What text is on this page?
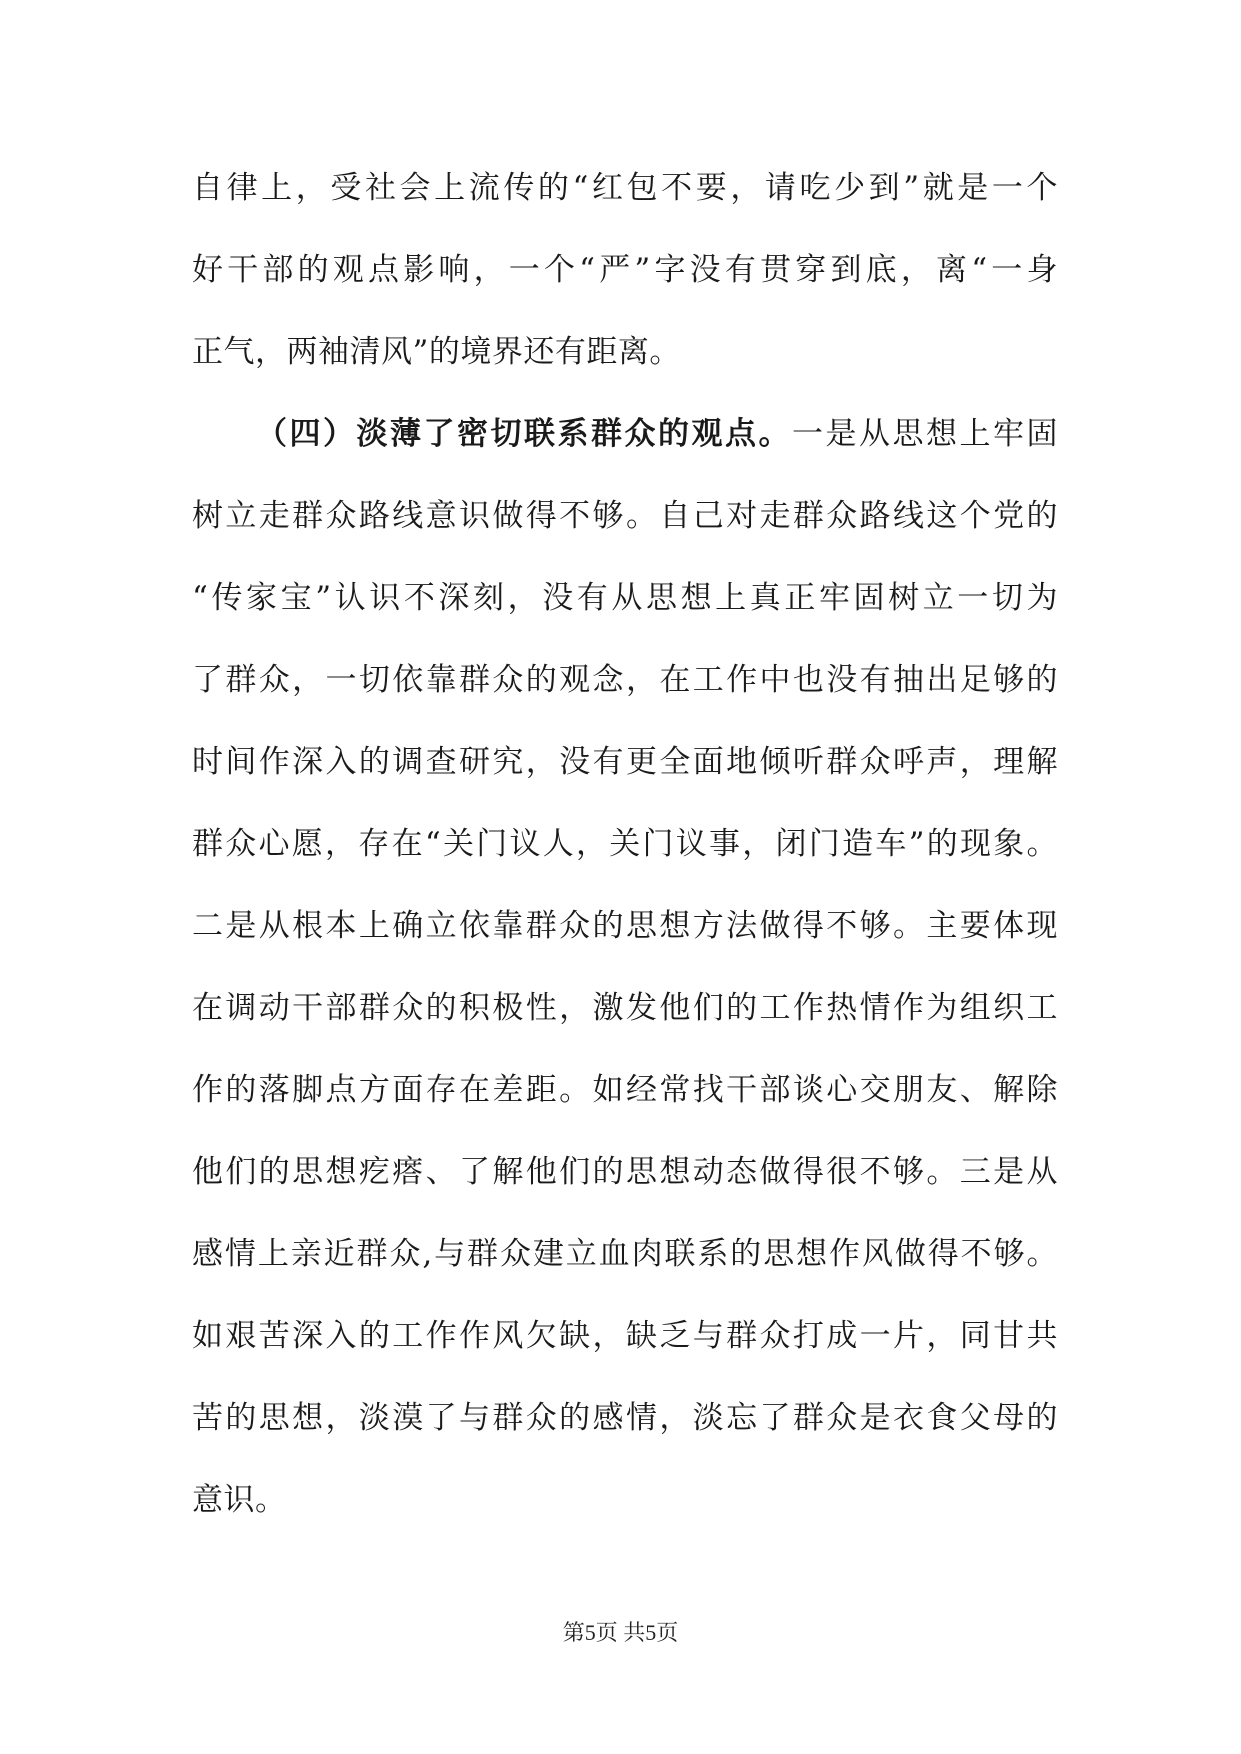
自律上，受社会上流传的“红包不要，请吃少到”就是一个
好干部的观点影响，一个“严”字没有贯穿到底，离“一身
正气，两袖清风”的境界还有距离。
（四）淡薄了密切联系群众的观点。一是从思想上牢固
树立走群众路线意识做得不够。自己对走群众路线这个党的
“传家宝”认识不深刻，没有从思想上真正牢固树立一切为
了群众，一切依靠群众的观念，在工作中也没有抽出足够的
时间作深入的调查研究，没有更全面地倾听群众呼声，理解
群众心愿，存在“关门议人，关门议事，闭门造车”的现象。
二是从根本上确立依靠群众的思想方法做得不够。主要体现
在调动干部群众的积极性，激发他们的工作热情作为组织工
作的落脚点方面存在差距。如经常找干部谈心交朋友、解除
他们的思想疙瘩、了解他们的思想动态做得很不够。三是从
感情上亲近群众,与群众建立血肉联系的思想作风做得不够。
如艰苦深入的工作作风欠缺，缺乏与群众打成一片，同甘共
苦的思想，淡漠了与群众的感情，淡忘了群众是衣食父母的
意识。
第5页 共5页
